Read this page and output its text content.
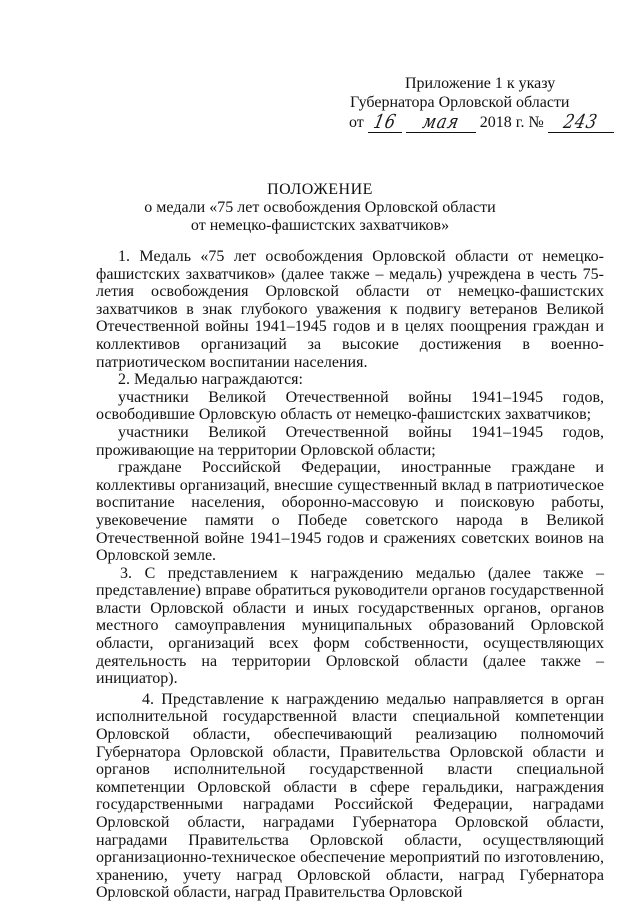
Приложение 1 к указу
Губернатора Орловской области
от 16 мая 2018 г. № 243
ПОЛОЖЕНИЕ
о медали «75 лет освобождения Орловской области
от немецко-фашистских захватчиков»

1. Медаль «75 лет освобождения Орловской области от немецко-фашистских захватчиков» (далее также – медаль) учреждена в честь 75-летия освобождения Орловской области от немецко-фашистских захватчиков в знак глубокого уважения к подвигу ветеранов Великой Отечественной войны 1941–1945 годов и в целях поощрения граждан и коллективов организаций за высокие достижения в военно-патриотическом воспитании населения.

2. Медалью награждаются:

участники Великой Отечественной войны 1941–1945 годов, освободившие Орловскую область от немецко-фашистских захватчиков;

участники Великой Отечественной войны 1941–1945 годов, проживающие на территории Орловской области;

граждане Российской Федерации, иностранные граждане и коллективы организаций, внесшие существенный вклад в патриотическое воспитание населения, оборонно-массовую и поисковую работы, увековечение памяти о Победе советского народа в Великой Отечественной войне 1941–1945 годов и сражениях советских воинов на Орловской земле.

3. С представлением к награждению медалью (далее также – представление) вправе обратиться руководители органов государственной власти Орловской области и иных государственных органов, органов местного самоуправления муниципальных образований Орловской области, организаций всех форм собственности, осуществляющих деятельность на территории Орловской области (далее также – инициатор).

4. Представление к награждению медалью направляется в орган исполнительной государственной власти специальной компетенции Орловской области, обеспечивающий реализацию полномочий Губернатора Орловской области, Правительства Орловской области и органов исполнительной государственной власти специальной компетенции Орловской области в сфере геральдики, награждения государственными наградами Российской Федерации, наградами Орловской области, наградами Губернатора Орловской области, наградами Правительства Орловской области, осуществляющий организационно-техническое обеспечение мероприятий по изготовлению, хранению, учету наград Орловской области, наград Губернатора Орловской области, наград Правительства Орловской
